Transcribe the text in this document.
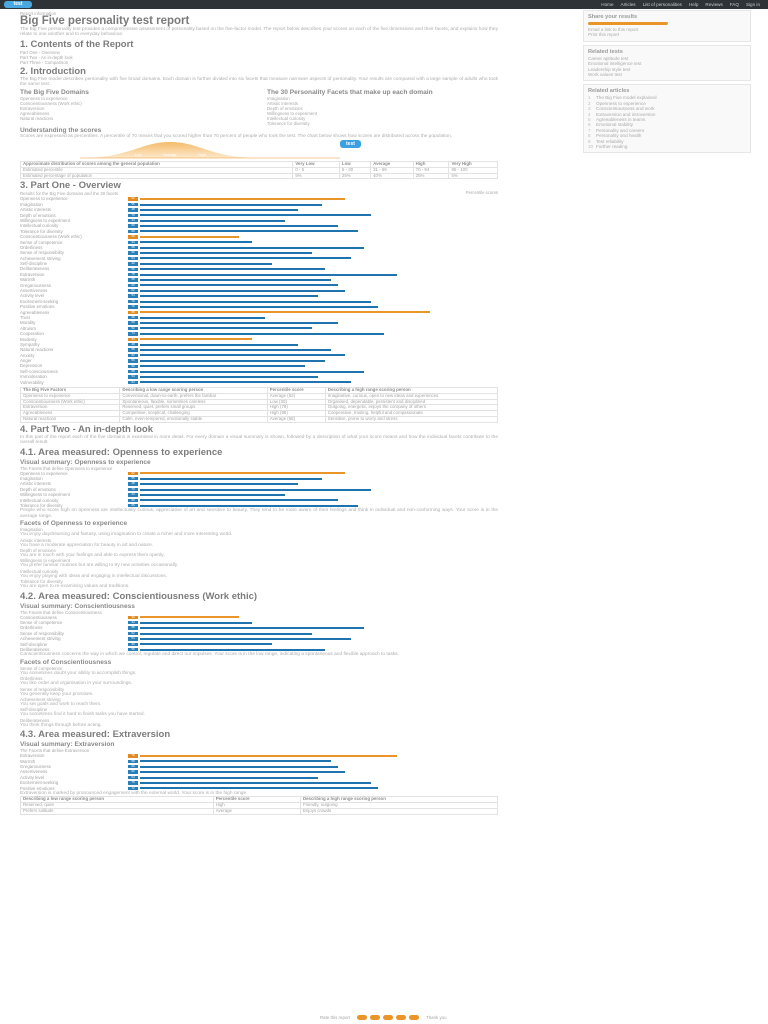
test	Home Articles List of personalities Help Reviews FAQ Sign in
Report information
Big Five personality test report
The Big Five personality test provides a comprehensive assessment of personality based on the five-factor model. The report below describes your scores on each of the five dimensions and their facets, and explains how they relate to one another and to everyday behaviour.
1. Contents of the Report
Part One - Overview
Part Two - An in-depth look
Part Three - Comparison
2. Introduction
The Big Five model describes personality with five broad domains. Each domain is further divided into six facets that measure narrower aspects of personality. Your results are compared with a large sample of adults who took the same test.
The Big Five Domains
Openness to experience
Conscientiousness (Work ethic)
Extraversion
Agreeableness
Natural reactions
The 30 Personality Facets that make up each domain
Imagination
Artistic interests
Depth of emotions
Willingness to experiment
Intellectual curiosity
Tolerance for diversity
Understanding the scores
Scores are expressed as percentiles. A percentile of 70 means that you scored higher than 70 percent of people who took the test. The chart below shows how scores are distributed across the population.
Very Low	Low	Average	High	Very High
test
Approximate distribution of scores among the general population	Very Low	Low	Average	High	Very High
Estimated percentile	0 - 5	6 - 30	31 - 69	70 - 94	95 - 100
Estimated percentage of population	5%	25%	40%	25%	5%
3. Part One - Overview
Results for the Big Five domains and the 30 facets	Percentile scores
Openness to experience	62
Imagination	55
Artistic interests	48
Depth of emotions	70
Willingness to experiment	44
Intellectual curiosity	60
Tolerance for diversity	66
Conscientiousness (Work ethic)	30
Sense of competence	34
Orderliness	68
Sense of responsibility	52
Achievement striving	64
Self-discipline	40
Deliberateness	56
Extraversion	78
Warmth	58
Gregariousness	60
Assertiveness	62
Activity level	54
Excitement-seeking	70
Positive emotions	72
Agreeableness	88
Trust	38
Morality	60
Altruism	52
Cooperation	74
Modesty	34
Sympathy	48
Natural reactions	58
Anxiety	62
Anger	56
Depression	50
Self-consciousness	68
Immoderation	54
Vulnerability	64
The Big Five Factors	Describing a low range scoring person	Percentile score	Describing a high range scoring person
Openness to experience	Conventional, down-to-earth, prefers the familiar	Average (62)	Imaginative, curious, open to new ideas and experiences
Conscientiousness (Work ethic)	Spontaneous, flexible, sometimes careless	Low (30)	Organised, dependable, persistent and disciplined
Extraversion	Reserved, quiet, prefers small groups	High (78)	Outgoing, energetic, enjoys the company of others
Agreeableness	Competitive, sceptical, challenging	High (88)	Cooperative, trusting, helpful and compassionate
Natural reactions	Calm, even-tempered, emotionally stable	Average (58)	Sensitive, prone to worry and stress
4. Part Two - An in-depth look
In this part of the report each of the five domains is examined in more detail. For every domain a visual summary is shown, followed by a description of what your score means and how the individual facets contribute to the overall result.
4.1. Area measured: Openness to experience
Visual summary: Openness to experience
The Facets that define Openness to experience
Openness to experience	62
Imagination	55
Artistic interests	48
Depth of emotions	70
Willingness to experiment	44
Intellectual curiosity	60
Tolerance for diversity	66
People who score high on openness are intellectually curious, appreciative of art and sensitive to beauty. They tend to be more aware of their feelings and think in individual and non-conforming ways. Your score is in the average range.
Facets of Openness to experience
Imagination
You enjoy daydreaming and fantasy, using imagination to create a richer and more interesting world.
Artistic interests
You have a moderate appreciation for beauty in art and nature.
Depth of emotions
You are in touch with your feelings and able to express them openly.
Willingness to experiment
You prefer familiar routines but are willing to try new activities occasionally.
Intellectual curiosity
You enjoy playing with ideas and engaging in intellectual discussions.
Tolerance for diversity
You are open to re-examining values and traditions.
4.2. Area measured: Conscientiousness (Work ethic)
Visual summary: Conscientiousness
The Facets that define Conscientiousness
Conscientiousness	30
Sense of competence	34
Orderliness	68
Sense of responsibility	52
Achievement striving	64
Self-discipline	40
Deliberateness	56
Conscientiousness concerns the way in which we control, regulate and direct our impulses. Your score is in the low range, indicating a spontaneous and flexible approach to tasks.
Facets of Conscientiousness
Sense of competence
You sometimes doubt your ability to accomplish things.
Orderliness
You like order and organisation in your surroundings.
Sense of responsibility
You generally keep your promises.
Achievement striving
You set goals and work to reach them.
Self-discipline
You sometimes find it hard to finish tasks you have started.
Deliberateness
You think things through before acting.
4.3. Area measured: Extraversion
Visual summary: Extraversion
The Facets that define Extraversion
Extraversion	78
Warmth	58
Gregariousness	60
Assertiveness	62
Activity level	54
Excitement-seeking	70
Positive emotions	72
Extraversion is marked by pronounced engagement with the external world. Your score is in the high range.
Describing a low range scoring person	Percentile score	Describing a high range scoring person
Reserved, quiet	High	Friendly, outgoing
Prefers solitude	Average	Enjoys crowds
Share your results
Email a link to this report
Print this report
Related tests
Career aptitude test
Emotional intelligence test
Leadership style test
Work values test
Related articles
1 The Big Five model explained
2 Openness to experience
3 Conscientiousness and work
4 Extraversion and introversion
5 Agreeableness in teams
6 Emotional stability
7 Personality and careers
8 Personality and health
9 Test reliability
10 Further reading
Rate this report	Thank you
